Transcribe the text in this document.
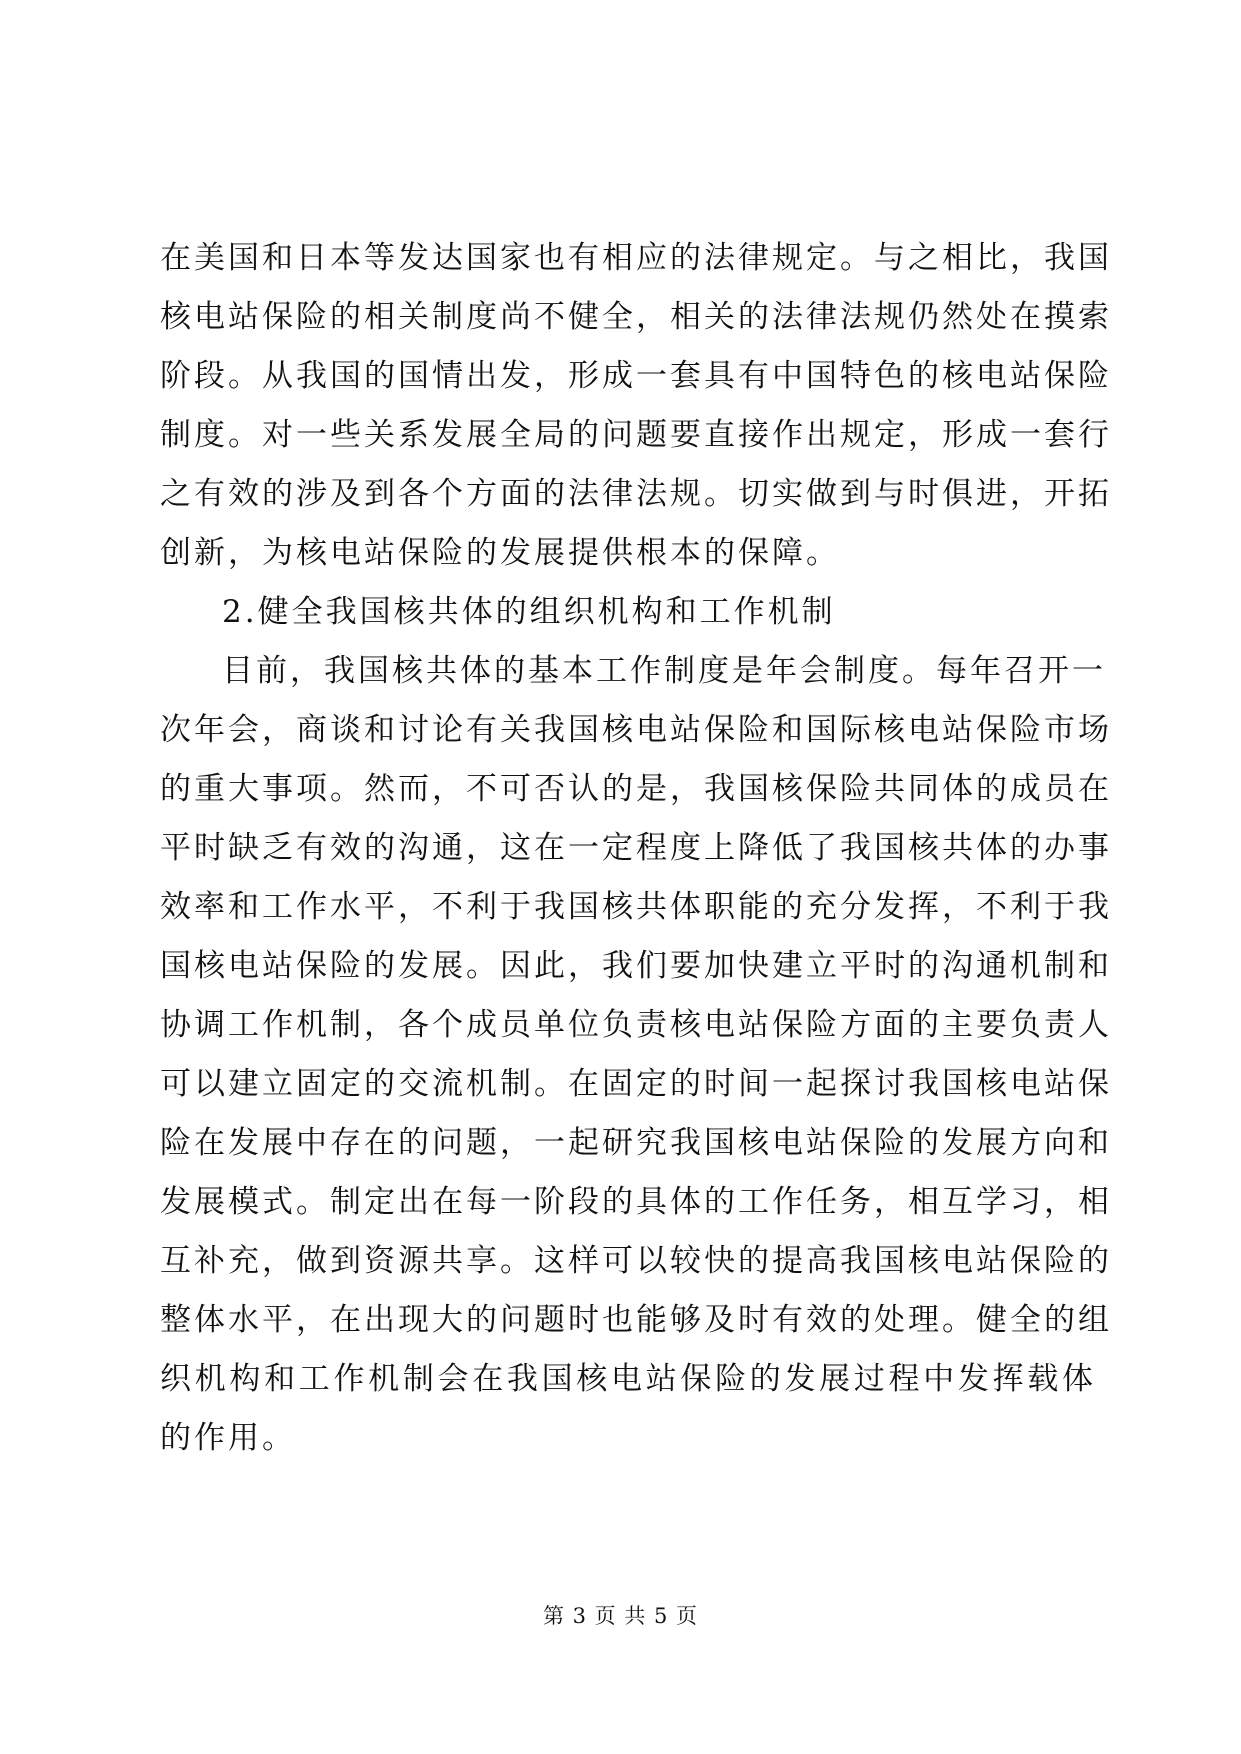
在美国和日本等发达国家也有相应的法律规定。与之相比，我国
核电站保险的相关制度尚不健全，相关的法律法规仍然处在摸索
阶段。从我国的国情出发，形成一套具有中国特色的核电站保险
制度。对一些关系发展全局的问题要直接作出规定，形成一套行
之有效的涉及到各个方面的法律法规。切实做到与时俱进，开拓
创新，为核电站保险的发展提供根本的保障。
2.健全我国核共体的组织机构和工作机制
目前，我国核共体的基本工作制度是年会制度。每年召开一
次年会，商谈和讨论有关我国核电站保险和国际核电站保险市场
的重大事项。然而，不可否认的是，我国核保险共同体的成员在
平时缺乏有效的沟通，这在一定程度上降低了我国核共体的办事
效率和工作水平，不利于我国核共体职能的充分发挥，不利于我
国核电站保险的发展。因此，我们要加快建立平时的沟通机制和
协调工作机制，各个成员单位负责核电站保险方面的主要负责人
可以建立固定的交流机制。在固定的时间一起探讨我国核电站保
险在发展中存在的问题，一起研究我国核电站保险的发展方向和
发展模式。制定出在每一阶段的具体的工作任务，相互学习，相
互补充，做到资源共享。这样可以较快的提高我国核电站保险的
整体水平，在出现大的问题时也能够及时有效的处理。健全的组
织机构和工作机制会在我国核电站保险的发展过程中发挥载体
的作用。
第 3 页 共 5 页
